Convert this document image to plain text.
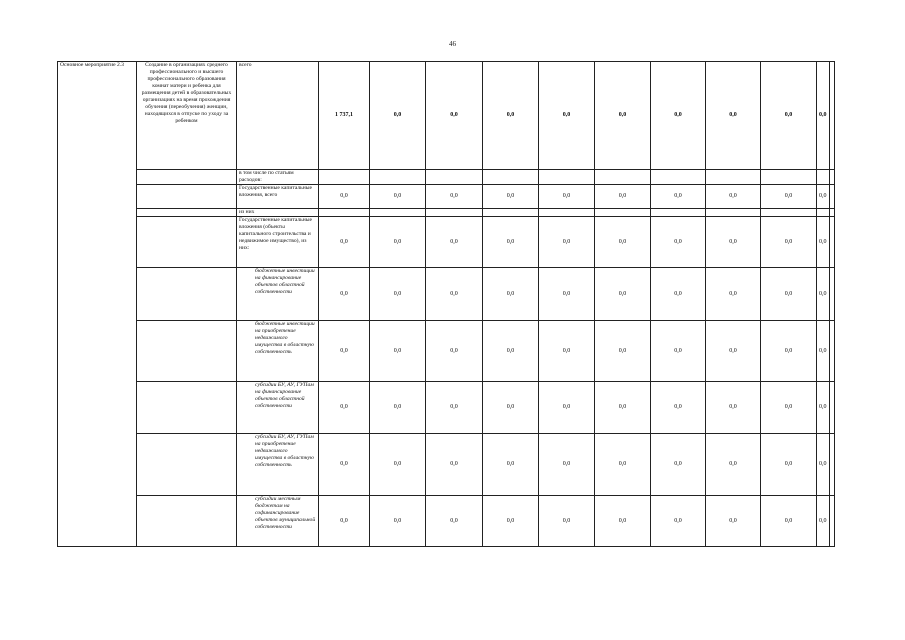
46
Основное мероприятие 2.3	Создание в организациях среднего профессионального и высшего профессионального образования комнат матери и ребенка для размещения детей в образовательных организациях на время прохождения обучения (переобучения) женщин, находящихся в отпуске по уходу за ребенком	всего	1 737,1	0,0	0,0	0,0	0,0	0,0	0,0	0,0	0,0	0,0	
		в том числе по статьям расходов:											
		Государственные капитальные вложения, всего	0,0	0,0	0,0	0,0	0,0	0,0	0,0	0,0	0,0	0,0	
		из них											
		Государственные капитальные вложения (объекты капитального строительства и недвижимое имущество), из них:	0,0	0,0	0,0	0,0	0,0	0,0	0,0	0,0	0,0	0,0	
		бюджетные инвестиции на финансирование объектов областной собственности	0,0	0,0	0,0	0,0	0,0	0,0	0,0	0,0	0,0	0,0	
		бюджетные инвестиции на приобретение недвижимого имущества в областную собственность	0,0	0,0	0,0	0,0	0,0	0,0	0,0	0,0	0,0	0,0	
		субсидии БУ, АУ, ГУПам на финансирование объектов областной собственности	0,0	0,0	0,0	0,0	0,0	0,0	0,0	0,0	0,0	0,0	
		субсидии БУ, АУ, ГУПам на приобретение недвижимого имущества в областную собственность	0,0	0,0	0,0	0,0	0,0	0,0	0,0	0,0	0,0	0,0	
		субсидии местным бюджетам на софинансирование объектов муниципальной собственности	0,0	0,0	0,0	0,0	0,0	0,0	0,0	0,0	0,0	0,0	
